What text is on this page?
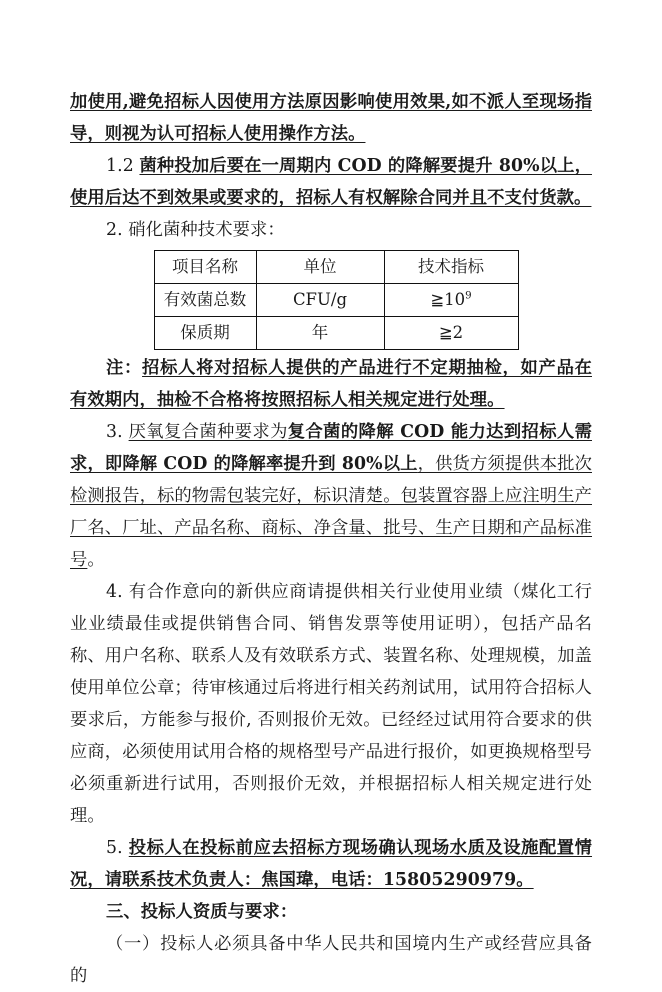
加使用,避免招标人因使用方法原因影响使用效果,如不派人至现场指导，则视为认可招标人使用操作方法。

1.2 菌种投加后要在一周期内 COD 的降解要提升 80%以上，使用后达不到效果或要求的，招标人有权解除合同并且不支付货款。

2. 硝化菌种技术要求：

项目名称	单位	技术指标
有效菌总数	CFU/g	$≧10^9$
保质期	年	≧2

注：招标人将对招标人提供的产品进行不定期抽检，如产品在有效期内，抽检不合格将按照招标人相关规定进行处理。

3. 厌氧复合菌种要求为复合菌的降解 COD 能力达到招标人需求，即降解 COD 的降解率提升到 80%以上，供货方须提供本批次检测报告，标的物需包装完好，标识清楚。包装置容器上应注明生产厂名、厂址、产品名称、商标、净含量、批号、生产日期和产品标准号。

4. 有合作意向的新供应商请提供相关行业使用业绩（煤化工行业业绩最佳或提供销售合同、销售发票等使用证明），包括产品名称、用户名称、联系人及有效联系方式、装置名称、处理规模，加盖使用单位公章；待审核通过后将进行相关药剂试用，试用符合招标人要求后，方能参与报价, 否则报价无效。已经经过试用符合要求的供应商，必须使用试用合格的规格型号产品进行报价，如更换规格型号必须重新进行试用，否则报价无效，并根据招标人相关规定进行处理。

5. 投标人在投标前应去招标方现场确认现场水质及设施配置情况，请联系技术负责人：焦国瑋，电话：15805290979。

三、投标人资质与要求：

（一）投标人必须具备中华人民共和国境内生产或经营应具备的
